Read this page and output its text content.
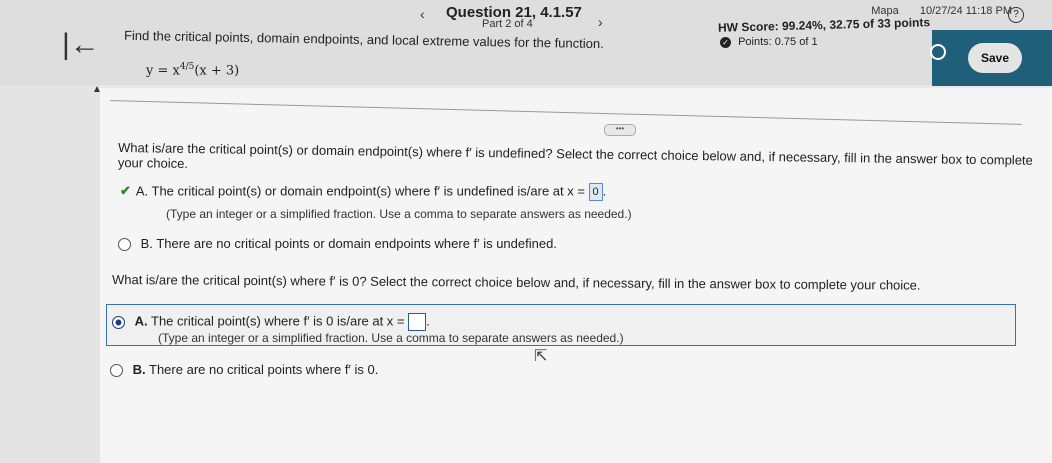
|←
▲
Mapa 10/27/24 11:18 PM ?
‹ Question 21, 4.1.57
Part 2 of 4	›	HW Score: 99.24%, 32.75 of 33 points
✓ Points: 0.75 of 1
Save
Find the critical points, domain endpoints, and local extreme values for the function.
$y = x^{4/5}(x + 3)$
•••
What is/are the critical point(s) or domain endpoint(s) where f′ is undefined? Select the correct choice below and, if necessary, fill in the answer box to complete your choice.
✔ A. The critical point(s) or domain endpoint(s) where f′ is undefined is/are at x = 0 .
(Type an integer or a simplified fraction. Use a comma to separate answers as needed.)
B. There are no critical points or domain endpoints where f′ is undefined.
What is/are the critical point(s) where f′ is 0? Select the correct choice below and, if necessary, fill in the answer box to complete your choice.
A. The critical point(s) where f′ is 0 is/are at x = .
(Type an integer or a simplified fraction. Use a comma to separate answers as needed.)
⇱
B. There are no critical points where f′ is 0.
